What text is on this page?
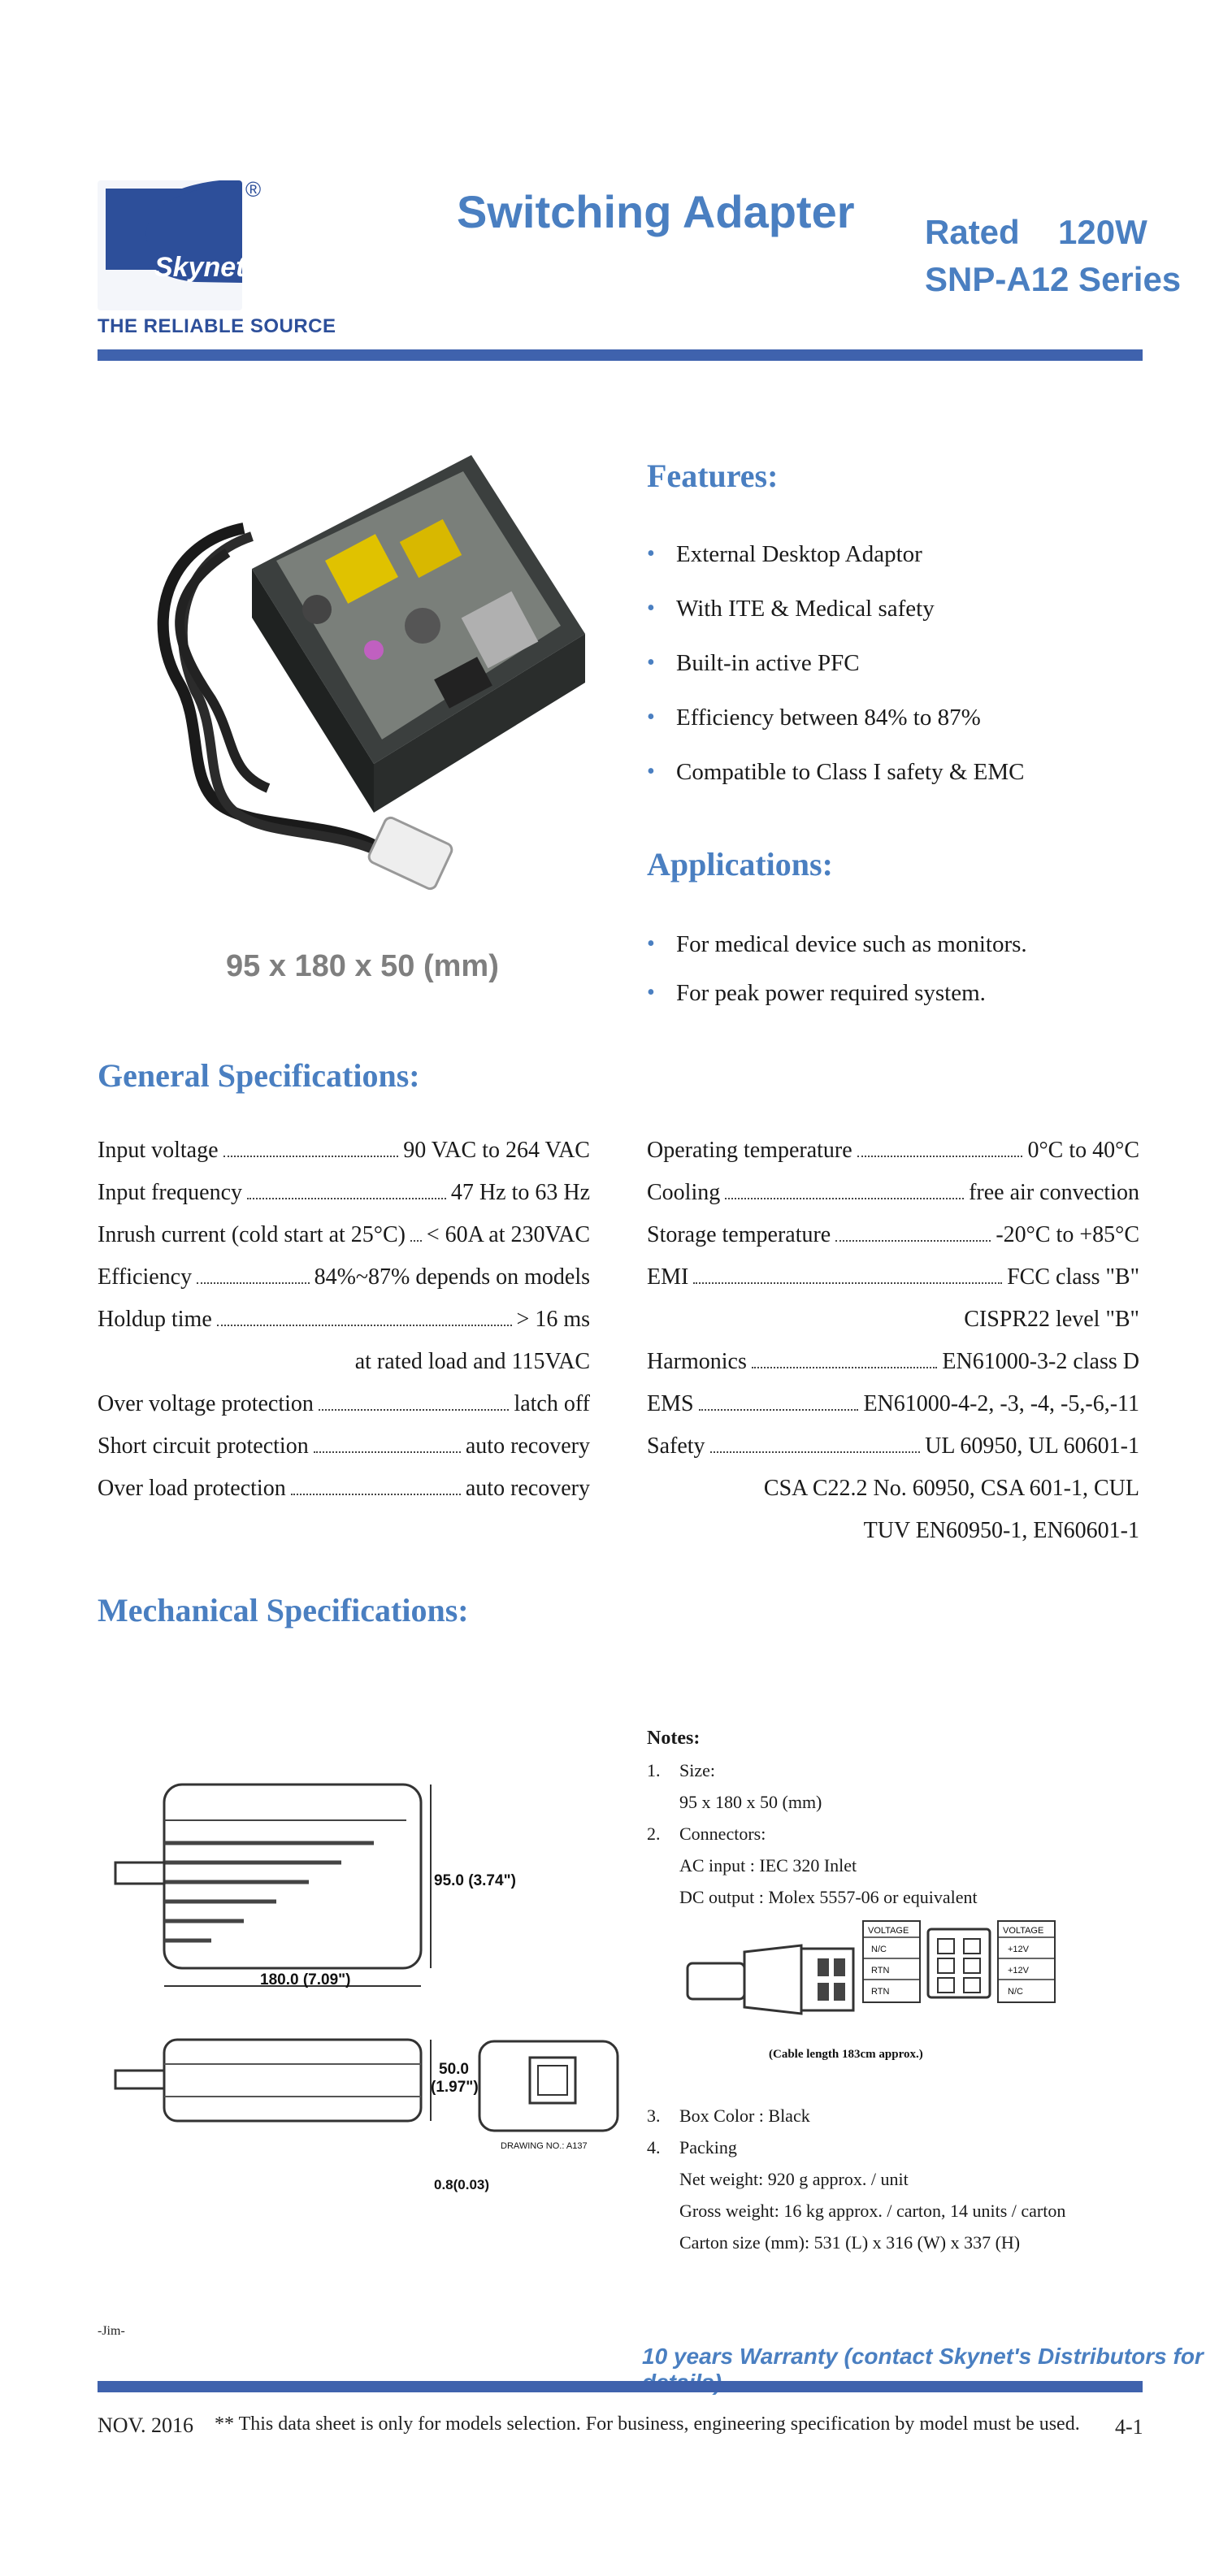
Skynet
®
THE RELIABLE SOURCE
Switching Adapter Rated 120W
SNP-A12 Series
95 x 180 x 50 (mm)
Features:
• External Desktop Adaptor
• With ITE & Medical safety
• Built-in active PFC
• Efficiency between 84% to 87%
• Compatible to Class I safety & EMC
Applications:
• For medical device such as monitors.
• For peak power required system.
General Specifications:
Input voltage	90 VAC to 264 VAC
Input frequency	47 Hz to 63 Hz
Inrush current (cold start at 25°C) < 60A at 230VAC
Efficiency	84%~87% depends on models
Holdup time	> 16 ms
at rated load and 115VAC
Over voltage protection	latch off
Short circuit protection	auto recovery
Over load protection	auto recovery
Operating temperature	0°C to 40°C
Cooling	free air convection
Storage temperature	-20°C to +85°C
EMI	FCC class "B"
CISPR22 level "B"
Harmonics	EN61000-3-2 class D
EMS	EN61000-4-2, -3, -4, -5,-6,-11
Safety	UL 60950, UL 60601-1
CSA C22.2 No. 60950, CSA 601-1, CUL
TUV EN60950-1, EN60601-1
Mechanical Specifications:
95.0 (3.74")
180.0 (7.09")
50.0
(1.97")
0.8(0.03)
DRAWING NO.: A137
Notes:
1.	Size:
95 x 180 x 50 (mm)
2.	Connectors:
AC input : IEC 320 Inlet
DC output : Molex 5557-06 or equivalent
VOLTAGE
N/C
RTN
RTN
VOLTAGE
+12V
+12V
N/C
(Cable length 183cm approx.)
3.	Box Color : Black
4.	Packing
Net weight: 920 g approx. / unit
Gross weight: 16 kg approx. / carton, 14 units / carton
Carton size (mm): 531 (L) x 316 (W) x 337 (H)
-Jim-
10 years Warranty (contact Skynet's Distributors for
NOV. 2016 ** This data sheet is only for models selection. For business, engineering specification by model must be used. 4-1
